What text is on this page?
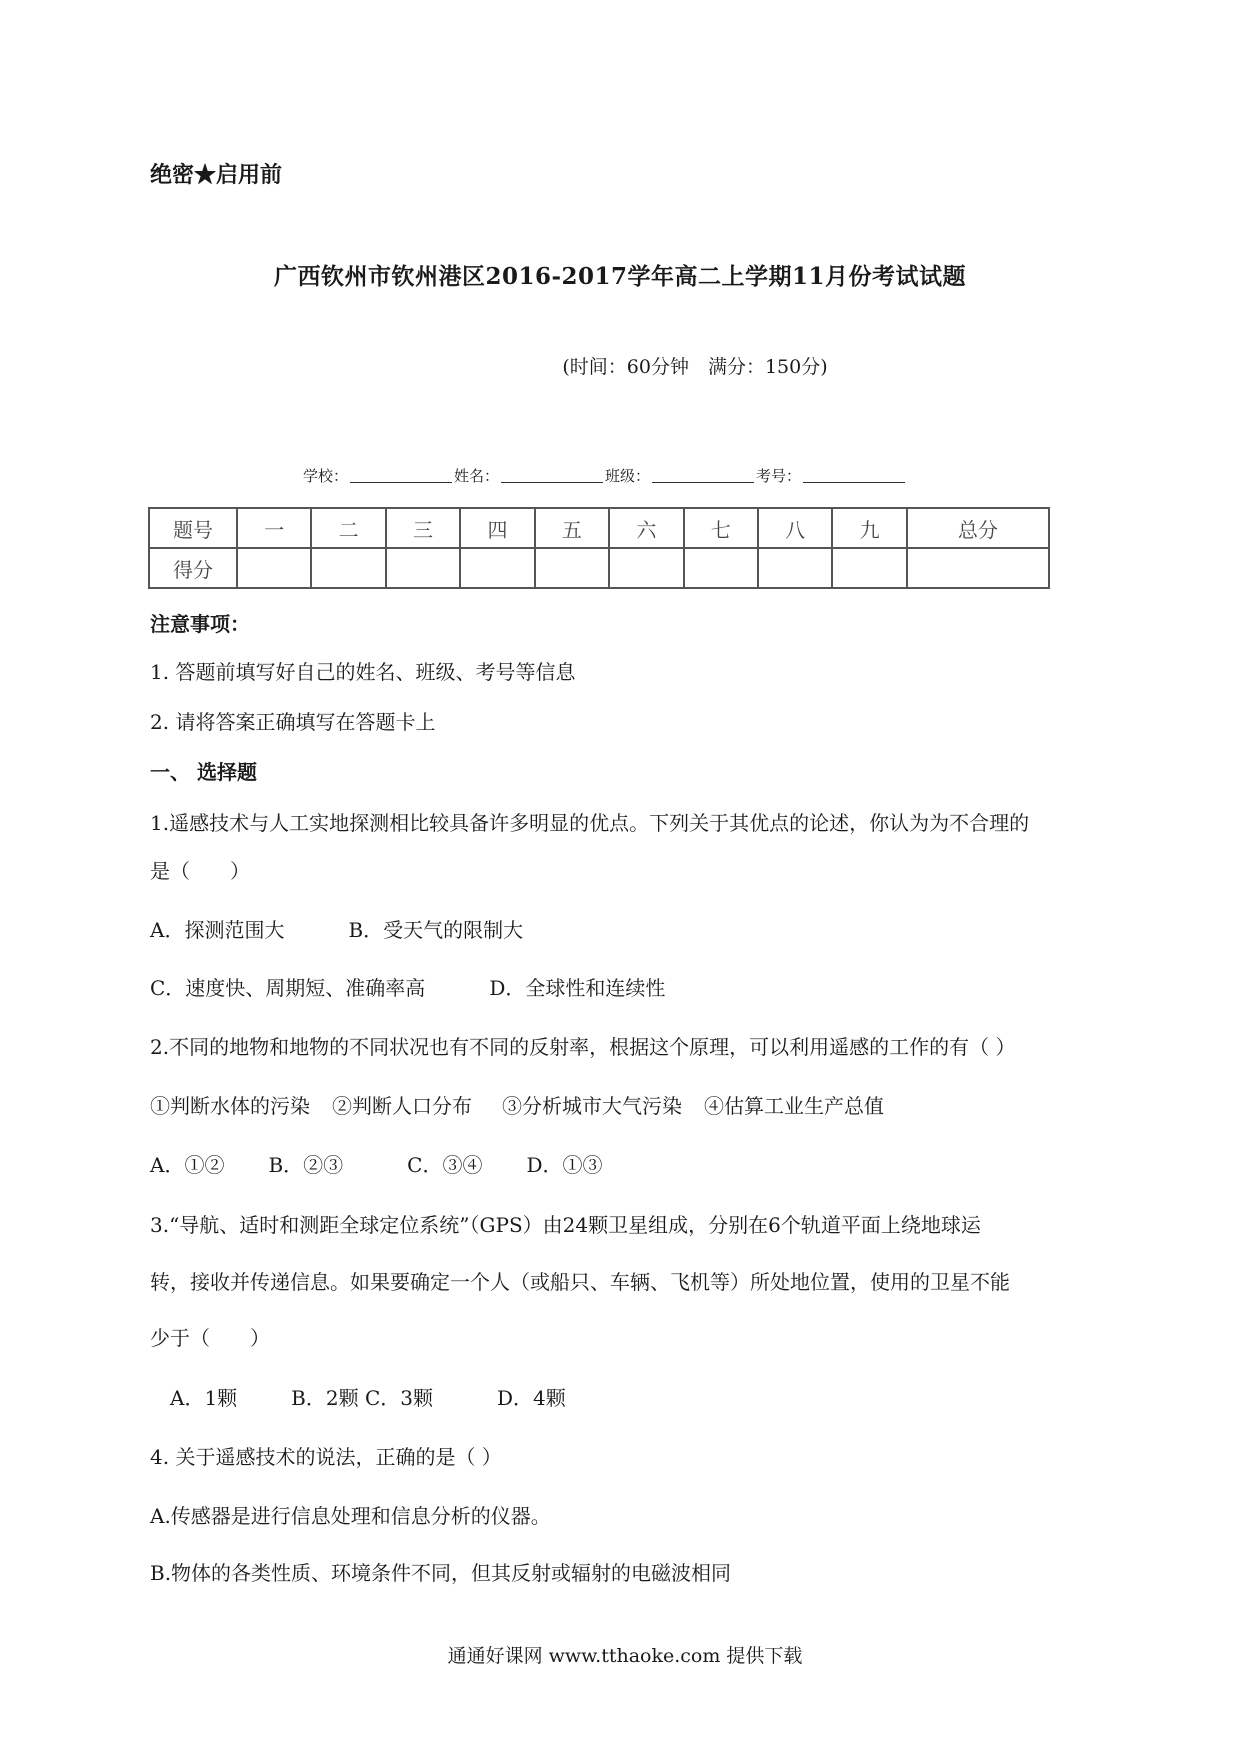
绝密★启用前
广西钦州市钦州港区2016-2017学年高二上学期11月份考试试题
(时间：60分钟　满分：150分)
学校：	姓名：	班级：	考号：
题号	一	二	三	四	五	六	七	八	九	总分
得分										
注意事项：
1. 答题前填写好自己的姓名、班级、考号等信息
2. 请将答案正确填写在答题卡上
一、 选择题
1.遥感技术与人工实地探测相比较具备许多明显的优点。下列关于其优点的论述，你认为为不合理的
是（　　）
A．探测范围大	B．受天气的限制大
C．速度快、周期短、准确率高	D．全球性和连续性
2.不同的地物和地物的不同状况也有不同的反射率，根据这个原理，可以利用遥感的工作的有（ ）
①判断水体的污染 ②判断人口分布 ③分析城市大气污染 ④估算工业生产总值
A．①② B．②③	C．③④ D．①③
3.“导航、适时和测距全球定位系统”（GPS）由24颗卫星组成，分别在6个轨道平面上绕地球运
转，接收并传递信息。如果要确定一个人（或船只、车辆、飞机等）所处地位置，使用的卫星不能
少于（　　）
A．1颗	B．2颗 C．3颗	D．4颗
4. 关于遥感技术的说法，正确的是（ ）
A.传感器是进行信息处理和信息分析的仪器。
B.物体的各类性质、环境条件不同，但其反射或辐射的电磁波相同
通通好课网 www.tthaoke.com 提供下载
